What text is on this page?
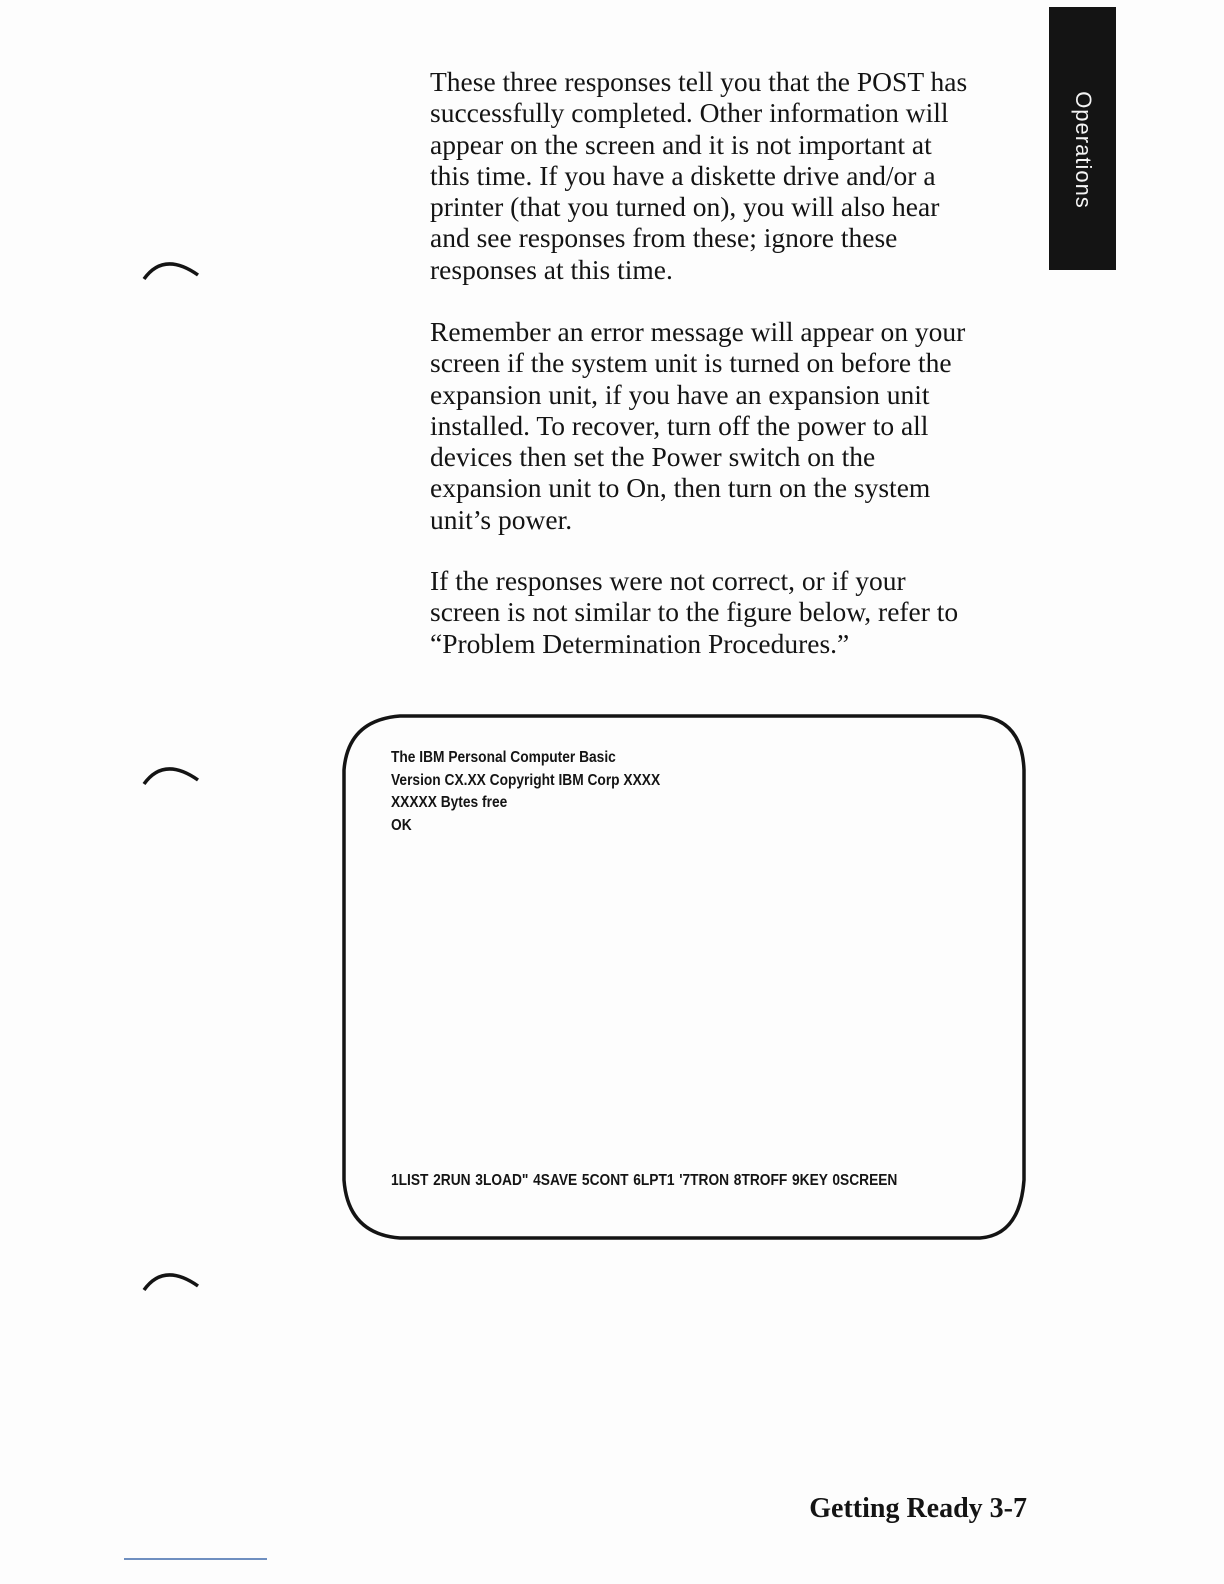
Operations

These three responses tell you that the POST has
successfully completed. Other information will
appear on the screen and it is not important at
this time. If you have a diskette drive and/or a
printer (that you turned on), you will also hear
and see responses from these; ignore these
responses at this time.

Remember an error message will appear on your
screen if the system unit is turned on before the
expansion unit, if you have an expansion unit
installed. To recover, turn off the power to all
devices then set the Power switch on the
expansion unit to On, then turn on the system
unit’s power.

If the responses were not correct, or if your
screen is not similar to the figure below, refer to
“Problem Determination Procedures.”

The IBM Personal Computer Basic
Version CX.XX Copyright IBM Corp XXXX
XXXXX Bytes free
OK
1LIST 2RUN 3LOAD" 4SAVE 5CONT 6LPT1 '7TRON 8TROFF 9KEY 0SCREEN
Getting Ready 3-7
